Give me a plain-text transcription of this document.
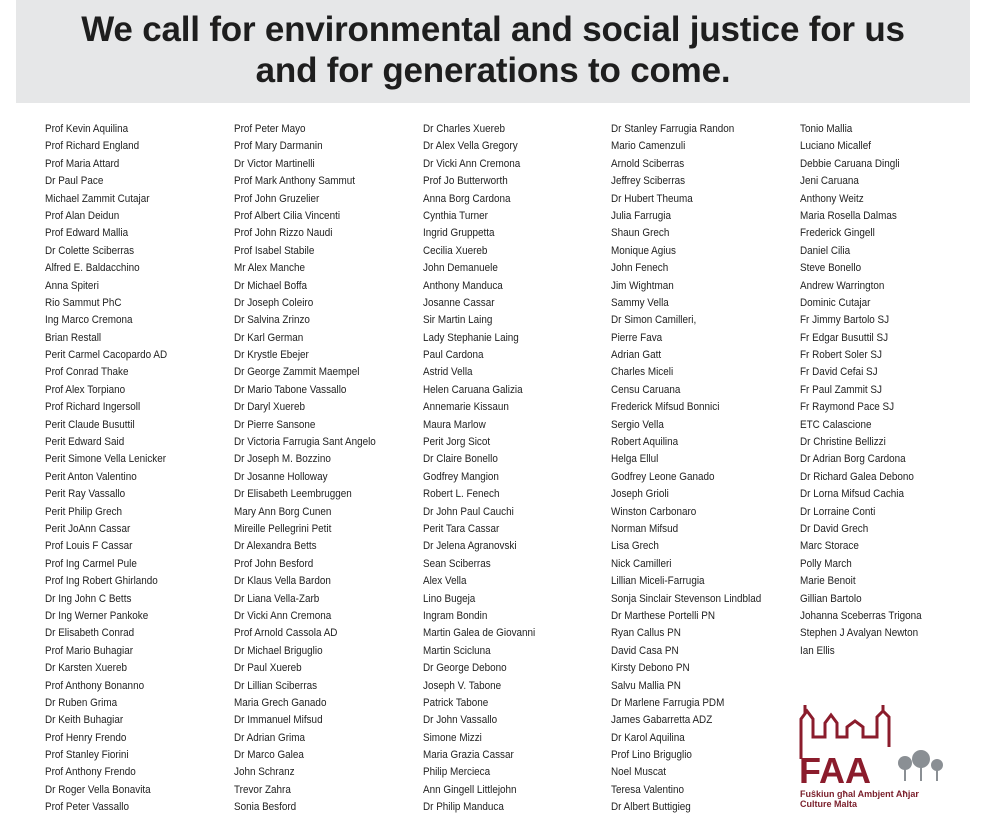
We call for environmental and social justice for us
and for generations to come.
Prof Kevin Aquilina
Prof Richard England
Prof Maria Attard
Dr Paul Pace
Michael Zammit Cutajar
Prof Alan Deidun
Prof Edward Mallia
Dr Colette Sciberras
Alfred E. Baldacchino
Anna Spiteri
Rio Sammut PhC
Ing Marco Cremona
Brian Restall
Perit Carmel Cacopardo AD
Prof Conrad Thake
Prof Alex Torpiano
Prof Richard Ingersoll
Perit Claude Busuttil
Perit Edward Said
Perit Simone Vella Lenicker
Perit Anton Valentino
Perit Ray Vassallo
Perit Philip Grech
Perit JoAnn Cassar
Prof Louis F Cassar
Prof Ing Carmel Pule
Prof Ing Robert Ghirlando
Dr Ing John C Betts
Dr Ing Werner Pankoke
Dr Elisabeth Conrad
Prof Mario Buhagiar
Dr Karsten Xuereb
Prof Anthony Bonanno
Dr Ruben Grima
Dr Keith Buhagiar
Prof Henry Frendo
Prof Stanley Fiorini
Prof Anthony Frendo
Dr Roger Vella Bonavita
Prof Peter Vassallo
Prof Peter Mayo
Prof Mary Darmanin
Dr Victor Martinelli
Prof Mark Anthony Sammut
Prof John Gruzelier
Prof Albert Cilia Vincenti
Prof John Rizzo Naudi
Prof Isabel Stabile
Mr Alex Manche
Dr Michael Boffa
Dr Joseph Coleiro
Dr Salvina Zrinzo
Dr Karl German
Dr Krystle Ebejer
Dr George Zammit Maempel
Dr Mario Tabone Vassallo
Dr Daryl Xuereb
Dr Pierre Sansone
Dr Victoria Farrugia Sant Angelo
Dr Joseph M. Bozzino
Dr Josanne Holloway
Dr Elisabeth Leembruggen
Mary Ann Borg Cunen
Mireille Pellegrini Petit
Dr Alexandra Betts
Prof John Besford
Dr Klaus Vella Bardon
Dr Liana Vella-Zarb
Dr Vicki Ann Cremona
Prof Arnold Cassola AD
Dr Michael Briguglio
Dr Paul Xuereb
Dr Lillian Sciberras
Maria Grech Ganado
Dr Immanuel Mifsud
Dr Adrian Grima
Dr Marco Galea
John Schranz
Trevor Zahra
Sonia Besford
Dr Charles Xuereb
Dr Alex Vella Gregory
Dr Vicki Ann Cremona
Prof Jo Butterworth
Anna Borg Cardona
Cynthia Turner
Ingrid Gruppetta
Cecilia Xuereb
John Demanuele
Anthony Manduca
Josanne Cassar
Sir Martin Laing
Lady Stephanie Laing
Paul Cardona
Astrid Vella
Helen Caruana Galizia
Annemarie Kissaun
Maura Marlow
Perit Jorg Sicot
Dr Claire Bonello
Godfrey Mangion
Robert L. Fenech
Dr John Paul Cauchi
Perit Tara Cassar
Dr Jelena Agranovski
Sean Sciberras
Alex Vella
Lino Bugeja
Ingram Bondin
Martin Galea de Giovanni
Martin Scicluna
Dr George Debono
Joseph V. Tabone
Patrick Tabone
Dr John Vassallo
Simone Mizzi
Maria Grazia Cassar
Philip Mercieca
Ann Gingell Littlejohn
Dr Philip Manduca
Dr Stanley Farrugia Randon
Mario Camenzuli
Arnold Sciberras
Jeffrey Sciberras
Dr Hubert Theuma
Julia Farrugia
Shaun Grech
Monique Agius
John Fenech
Jim Wightman
Sammy Vella
Dr Simon Camilleri,
Pierre Fava
Adrian Gatt
Charles Miceli
Censu Caruana
Frederick Mifsud Bonnici
Sergio Vella
Robert Aquilina
Helga Ellul
Godfrey Leone Ganado
Joseph Grioli
Winston Carbonaro
Norman Mifsud
Lisa Grech
Nick Camilleri
Lillian Miceli-Farrugia
Sonja Sinclair Stevenson Lindblad
Dr Marthese Portelli PN
Ryan Callus PN
David Casa PN
Kirsty Debono PN
Salvu Mallia PN
Dr Marlene Farrugia PDM
James Gabarretta ADZ
Dr Karol Aquilina
Prof Lino Briguglio
Noel Muscat
Teresa Valentino
Dr Albert Buttigieg
Tonio Mallia
Luciano Micallef
Debbie Caruana Dingli
Jeni Caruana
Anthony Weitz
Maria Rosella Dalmas
Frederick Gingell
Daniel Cilia
Steve Bonello
Andrew Warrington
Dominic Cutajar
Fr Jimmy Bartolo SJ
Fr Edgar Busuttil SJ
Fr Robert Soler SJ
Fr David Cefai SJ
Fr Paul Zammit SJ
Fr Raymond Pace SJ
ETC Calascione
Dr Christine Bellizzi
Dr Adrian Borg Cardona
Dr Richard Galea Debono
Dr Lorna Mifsud Cachia
Dr Lorraine Conti
Dr David Grech
Marc Storace
Polly March
Marie Benoit
Gillian Bartolo
Johanna Sceberras Trigona
Stephen J Avalyan Newton
Ian Ellis
FAA
Fuŝkiun għal Ambjent Aħjar
Culture Malta
